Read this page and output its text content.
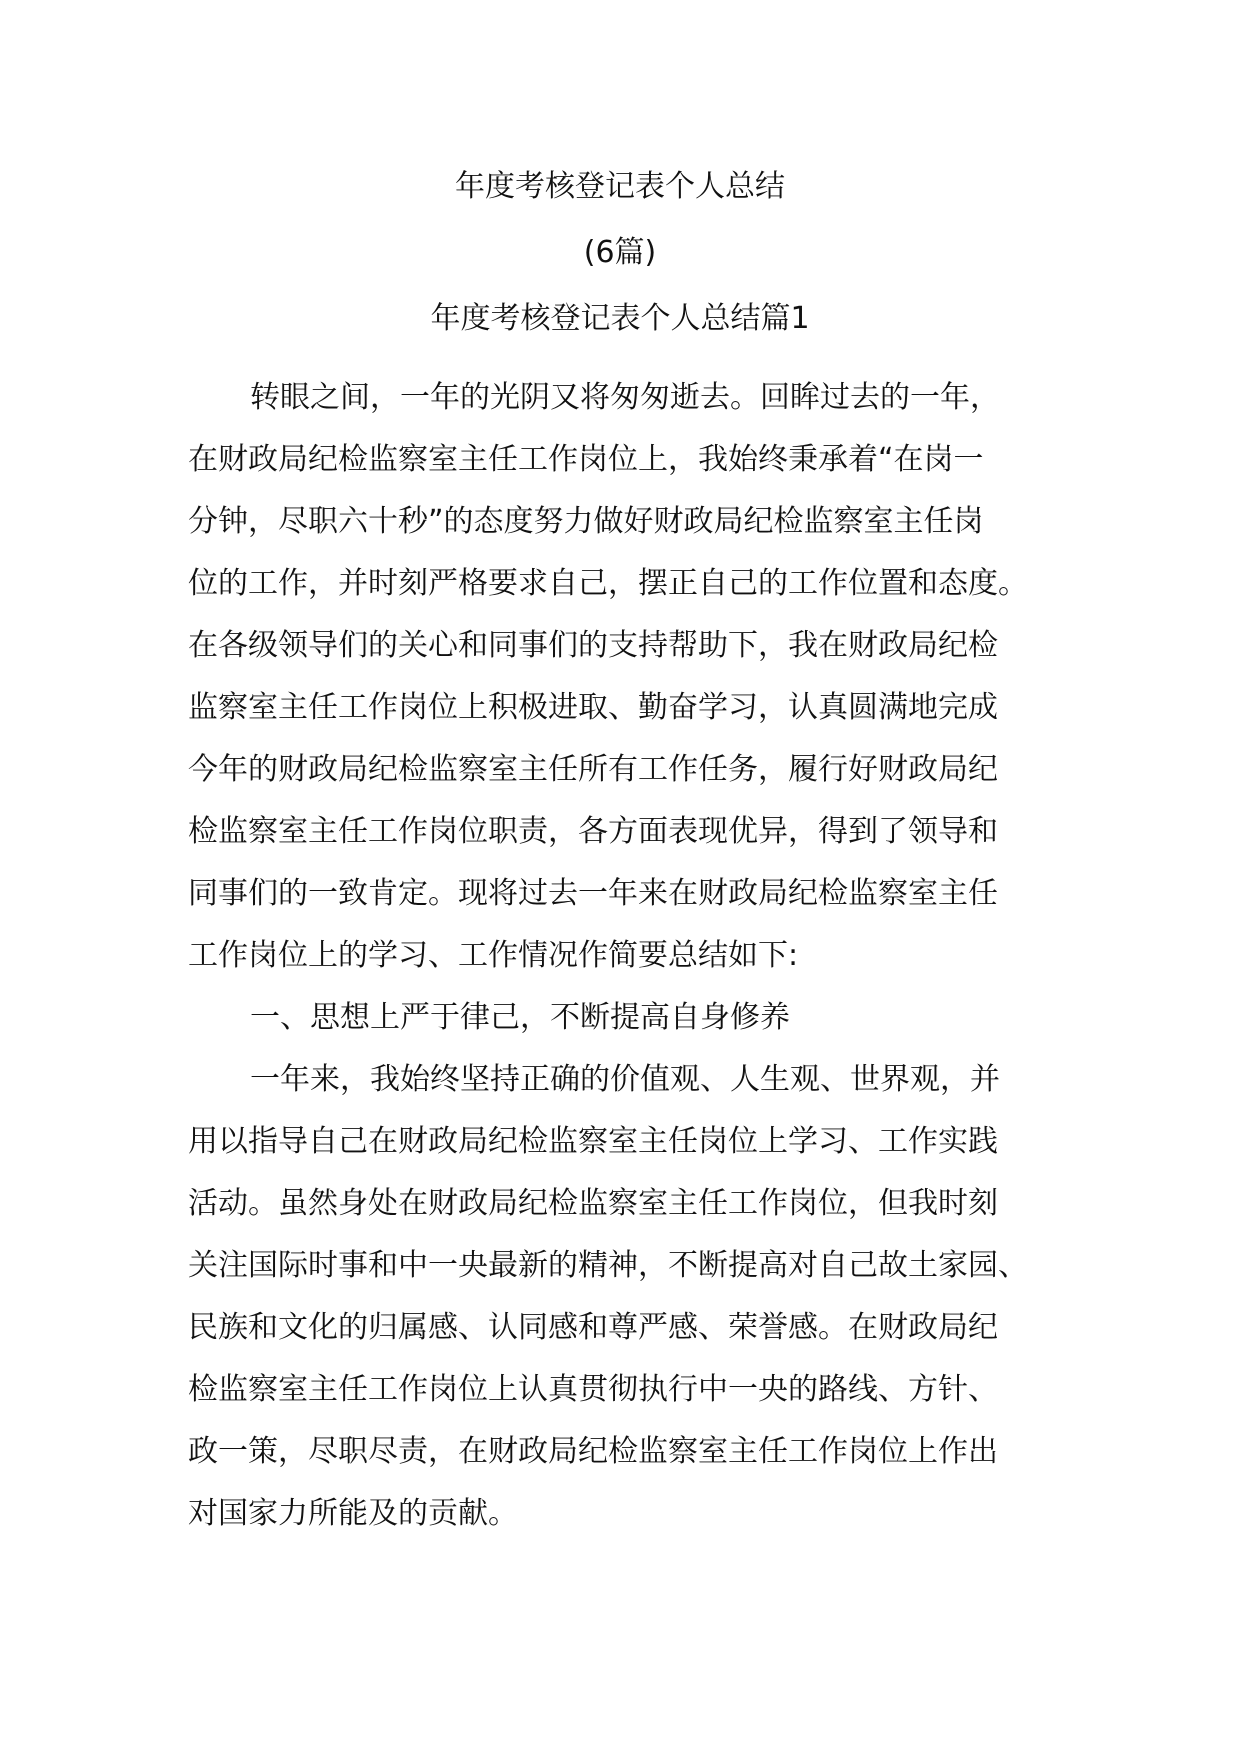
年度考核登记表个人总结
(6篇)
年度考核登记表个人总结篇1

转眼之间，一年的光阴又将匆匆逝去。回眸过去的一年，

在财政局纪检监察室主任工作岗位上，我始终秉承着“在岗一

分钟，尽职六十秒”的态度努力做好财政局纪检监察室主任岗

位的工作，并时刻严格要求自己，摆正自己的工作位置和态度。

在各级领导们的关心和同事们的支持帮助下，我在财政局纪检

监察室主任工作岗位上积极进取、勤奋学习，认真圆满地完成

今年的财政局纪检监察室主任所有工作任务，履行好财政局纪

检监察室主任工作岗位职责，各方面表现优异，得到了领导和

同事们的一致肯定。现将过去一年来在财政局纪检监察室主任

工作岗位上的学习、工作情况作简要总结如下:

一、思想上严于律己，不断提高自身修养

一年来，我始终坚持正确的价值观、人生观、世界观，并

用以指导自己在财政局纪检监察室主任岗位上学习、工作实践

活动。虽然身处在财政局纪检监察室主任工作岗位，但我时刻

关注国际时事和中一央最新的精神，不断提高对自己故土家园、

民族和文化的归属感、认同感和尊严感、荣誉感。在财政局纪

检监察室主任工作岗位上认真贯彻执行中一央的路线、方针、

政一策，尽职尽责，在财政局纪检监察室主任工作岗位上作出

对国家力所能及的贡献。
